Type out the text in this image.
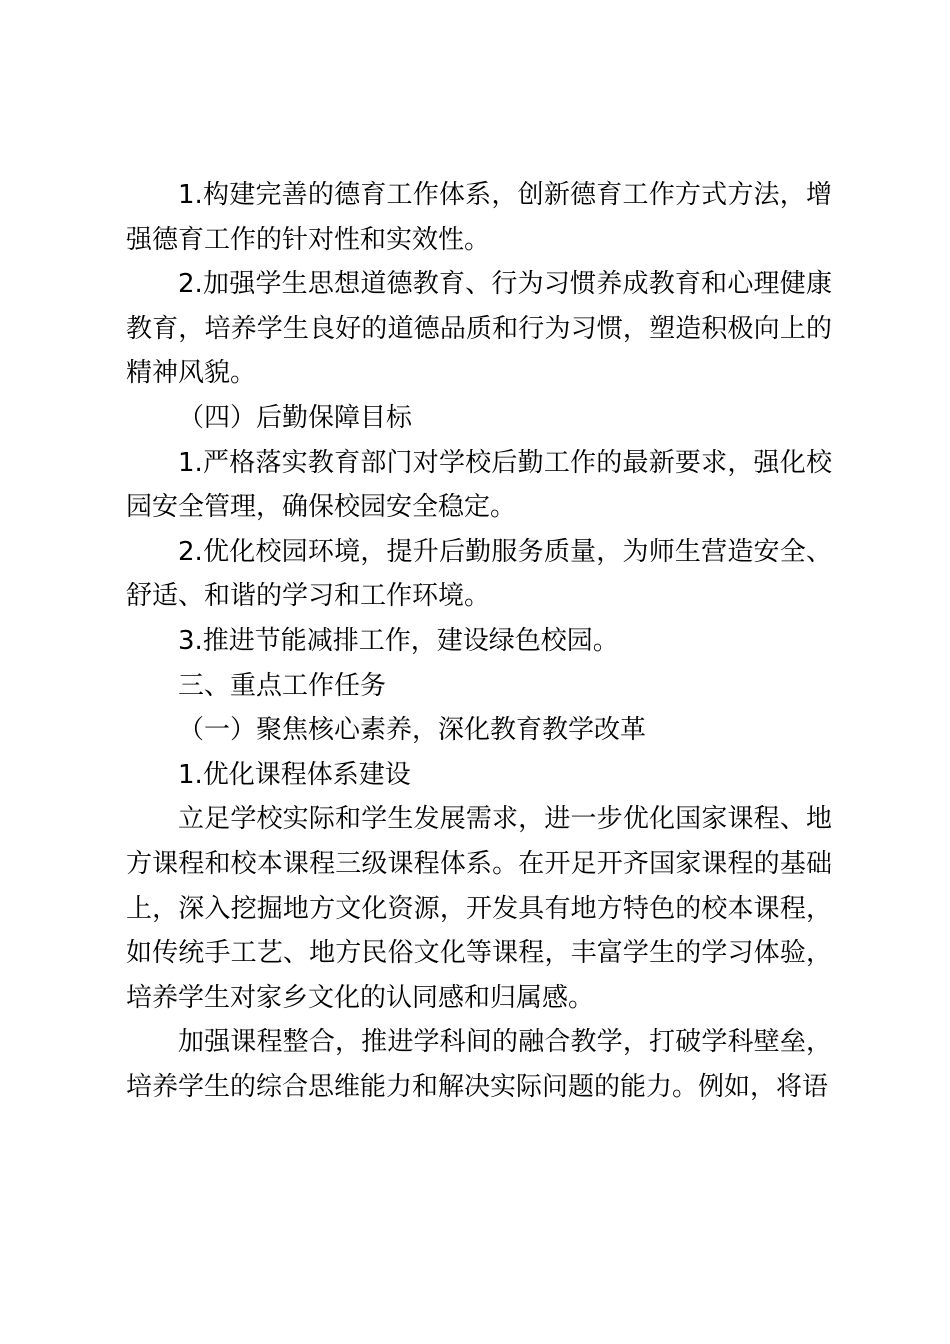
1.构建完善的德育工作体系，创新德育工作方式方法，增强德育工作的针对性和实效性。

2.加强学生思想道德教育、行为习惯养成教育和心理健康教育，培养学生良好的道德品质和行为习惯，塑造积极向上的精神风貌。

（四）后勤保障目标

1.严格落实教育部门对学校后勤工作的最新要求，强化校园安全管理，确保校园安全稳定。

2.优化校园环境，提升后勤服务质量，为师生营造安全、舒适、和谐的学习和工作环境。

3.推进节能减排工作，建设绿色校园。

三、重点工作任务

（一）聚焦核心素养，深化教育教学改革

1.优化课程体系建设

立足学校实际和学生发展需求，进一步优化国家课程、地方课程和校本课程三级课程体系。在开足开齐国家课程的基础上，深入挖掘地方文化资源，开发具有地方特色的校本课程，如传统手工艺、地方民俗文化等课程，丰富学生的学习体验，培养学生对家乡文化的认同感和归属感。

加强课程整合，推进学科间的融合教学，打破学科壁垒，培养学生的综合思维能力和解决实际问题的能力。例如，将语
